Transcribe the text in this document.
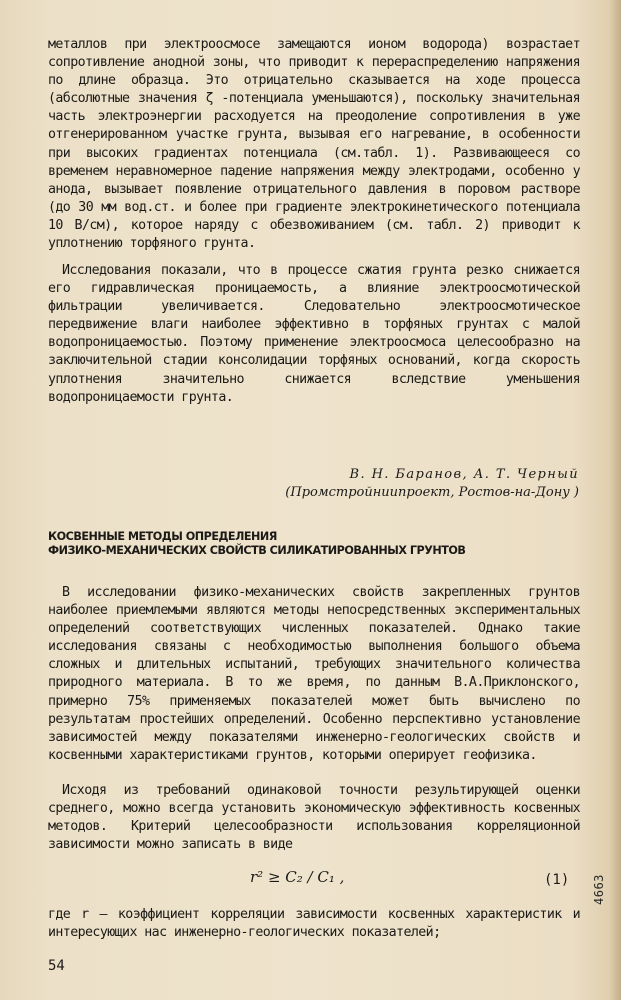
металлов при электроосмосе замещаются ионом водорода) возрастает сопротивление анодной зоны, что приводит к перераспределению напряжения по длине образца. Это отрицательно сказывается на ходе процесса (абсолютные значения ζ -потенциала уменьшаются), поскольку значительная часть электроэнергии расходуется на преодоление сопротивления в уже отгенерированном участке грунта, вызывая его нагревание, в особенности при высоких градиентах потенциала (см.табл. 1). Развивающееся со временем неравномерное падение напряжения между электродами, особенно у анода, вызывает появление отрицательного давления в поровом растворе (до 30 мм вод.ст. и более при градиенте электрокинетического потенциала 10 В/см), которое наряду с обезвоживанием (см. табл. 2) приводит к уплотнению торфяного грунта.

Исследования показали, что в процессе сжатия грунта резко снижается его гидравлическая проницаемость, а влияние электроосмотической фильтрации увеличивается. Следовательно электроосмотическое передвижение влаги наиболее эффективно в торфяных грунтах с малой водопроницаемостью. Поэтому применение электроосмоса целесообразно на заключительной стадии консолидации торфяных оснований, когда скорость уплотнения значительно снижается вследствие уменьшения водопроницаемости грунта.

В. Н. Баранов, А. Т. Черный
(Промстройниипроект, Ростов-на-Дону )
КОСВЕННЫЕ МЕТОДЫ ОПРЕДЕЛЕНИЯ
ФИЗИКО-МЕХАНИЧЕСКИХ СВОЙСТВ СИЛИКАТИРОВАННЫХ ГРУНТОВ

В исследовании физико-механических свойств закрепленных грунтов наиболее приемлемыми являются методы непосредственных экспериментальных определений соответствующих численных показателей. Однако такие исследования связаны с необходимостью выполнения большого объема сложных и длительных испытаний, требующих значительного количества природного материала. В то же время, по данным В.А.Приклонского, примерно 75% применяемых показателей может быть вычислено по результатам простейших определений. Особенно перспективно установление зависимостей между показателями инженерно-геологических свойств и косвенными характеристиками грунтов, которыми оперирует геофизика.

Исходя из требований одинаковой точности результирующей оценки среднего, можно всегда установить экономическую эффективность косвенных методов. Критерий целесообразности использования корреляционной зависимости можно записать в виде

r² ≥ C₂ / C₁ ,	(1)

где r – коэффициент корреляции зависимости косвенных характеристик и интересующих нас инженерно-геологических показателей;

54
4663
